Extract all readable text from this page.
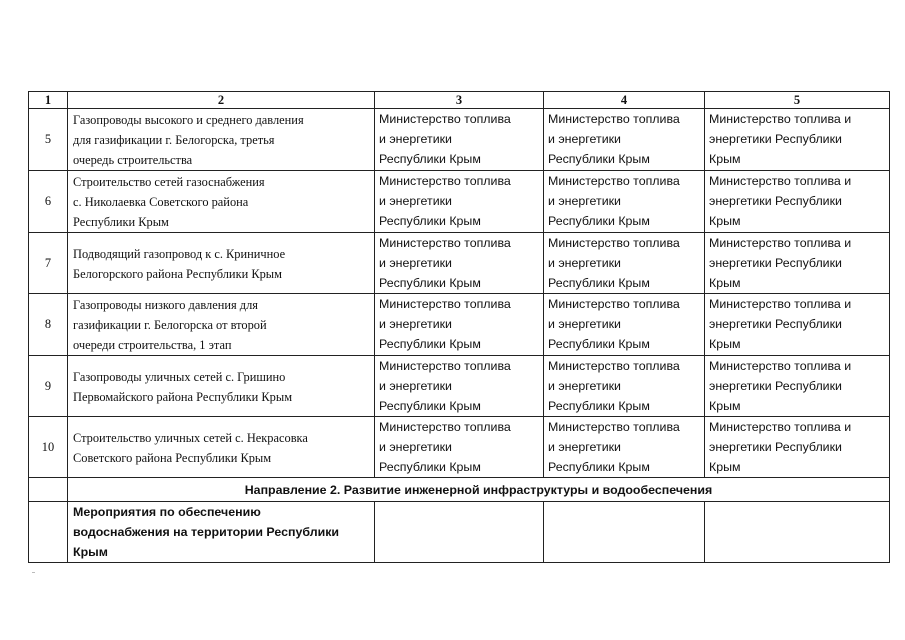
1	2	3	4	5
5	Газопроводы высокого и среднего давления
для газификации г. Белогорска, третья
очередь строительства	Министерство топлива
и энергетики
Республики Крым	Министерство топлива
и энергетики
Республики Крым	Министерство топлива и
энергетики Республики
Крым

6	Строительство сетей газоснабжения
с. Николаевка Советского района
Республики Крым	Министерство топлива
и энергетики
Республики Крым	Министерство топлива
и энергетики
Республики Крым	Министерство топлива и
энергетики Республики
Крым

7	Подводящий газопровод к с. Криничное
Белогорского района Республики Крым	Министерство топлива
и энергетики
Республики Крым	Министерство топлива
и энергетики
Республики Крым	Министерство топлива и
энергетики Республики
Крым

8	Газопроводы низкого давления для
газификации г. Белогорска от второй
очереди строительства, 1 этап	Министерство топлива
и энергетики
Республики Крым	Министерство топлива
и энергетики
Республики Крым	Министерство топлива и
энергетики Республики
Крым

9	Газопроводы уличных сетей с. Гришино
Первомайского района Республики Крым	Министерство топлива
и энергетики
Республики Крым	Министерство топлива
и энергетики
Республики Крым	Министерство топлива и
энергетики Республики
Крым

10	Строительство уличных сетей с. Некрасовка
Советского района Республики Крым	Министерство топлива
и энергетики
Республики Крым	Министерство топлива
и энергетики
Республики Крым	Министерство топлива и
энергетики Республики
Крым

	Направление 2. Развитие инженерной инфраструктуры и водообеспечения			

	Мероприятия по обеспечению
водоснабжения на территории Республики
Крым			
